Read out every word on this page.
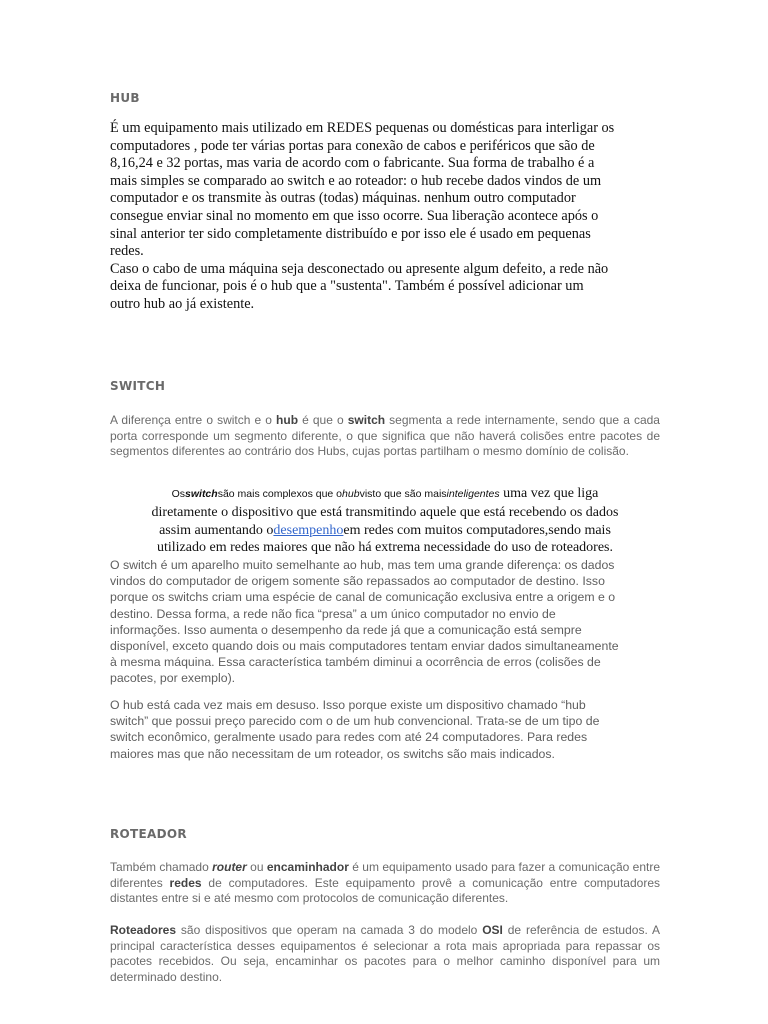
HUB
É um equipamento mais utilizado em REDES pequenas ou domésticas para interligar os
computadores , pode ter várias portas para conexão de cabos e periféricos que são de
8,16,24 e 32 portas, mas varia de acordo com o fabricante. Sua forma de trabalho é a
mais simples se comparado ao switch e ao roteador: o hub recebe dados vindos de um
computador e os transmite às outras (todas) máquinas. nenhum outro computador
consegue enviar sinal no momento em que isso ocorre. Sua liberação acontece após o
sinal anterior ter sido completamente distribuído e por isso ele é usado em pequenas
redes.
Caso o cabo de uma máquina seja desconectado ou apresente algum defeito, a rede não
deixa de funcionar, pois é o hub que a "sustenta". Também é possível adicionar um
outro hub ao já existente.
SWITCH

A diferença entre o switch e o hub é que o switch segmenta a rede internamente, sendo que a cada porta corresponde um segmento diferente, o que significa que não haverá colisões entre pacotes de segmentos diferentes ao contrário dos Hubs, cujas portas partilham o mesmo domínio de colisão.

Osswitchsão mais complexos que ohubvisto que são maisinteligentes uma vez que liga
diretamente o dispositivo que está transmitindo aquele que está recebendo os dados
assim aumentando odesempenhoem redes com muitos computadores,sendo mais
utilizado em redes maiores que não há extrema necessidade do uso de roteadores.
O switch é um aparelho muito semelhante ao hub, mas tem uma grande diferença: os dados
vindos do computador de origem somente são repassados ao computador de destino. Isso
porque os switchs criam uma espécie de canal de comunicação exclusiva entre a origem e o
destino. Dessa forma, a rede não fica “presa” a um único computador no envio de
informações. Isso aumenta o desempenho da rede já que a comunicação está sempre
disponível, exceto quando dois ou mais computadores tentam enviar dados simultaneamente
à mesma máquina. Essa característica também diminui a ocorrência de erros (colisões de
pacotes, por exemplo).
O hub está cada vez mais em desuso. Isso porque existe um dispositivo chamado “hub
switch” que possui preço parecido com o de um hub convencional. Trata-se de um tipo de
switch econômico, geralmente usado para redes com até 24 computadores. Para redes
maiores mas que não necessitam de um roteador, os switchs são mais indicados.
ROTEADOR

Também chamado router ou encaminhador é um equipamento usado para fazer a comunicação entre diferentes redes de computadores. Este equipamento provê a comunicação entre computadores distantes entre si e até mesmo com protocolos de comunicação diferentes.

Roteadores são dispositivos que operam na camada 3 do modelo OSI de referência de estudos. A principal característica desses equipamentos é selecionar a rota mais apropriada para repassar os pacotes recebidos. Ou seja, encaminhar os pacotes para o melhor caminho disponível para um determinado destino.
